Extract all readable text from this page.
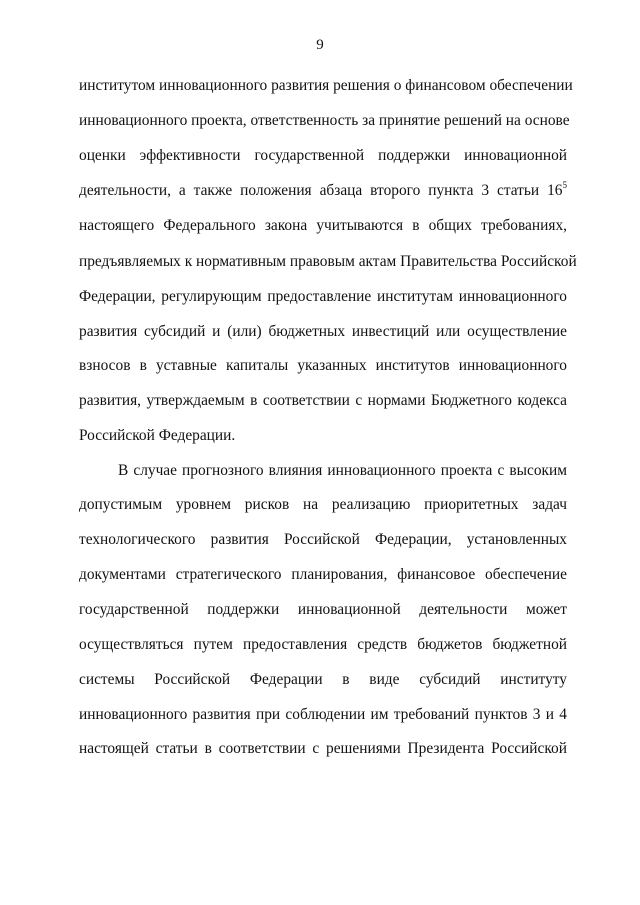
9
институтом инновационного развития решения о финансовом обеспечении
инновационного проекта, ответственность за принятие решений на основе
оценки эффективности государственной поддержки инновационной
деятельности, а также положения абзаца второго пункта 3 статьи $16^5$
настоящего Федерального закона учитываются в общих требованиях,
предъявляемых к нормативным правовым актам Правительства Российской
Федерации, регулирующим предоставление институтам инновационного
развития субсидий и (или) бюджетных инвестиций или осуществление
взносов в уставные капиталы указанных институтов инновационного
развития, утверждаемым в соответствии с нормами Бюджетного кодекса
Российской Федерации.
В случае прогнозного влияния инновационного проекта с высоким
допустимым уровнем рисков на реализацию приоритетных задач
технологического развития Российской Федерации, установленных
документами стратегического планирования, финансовое обеспечение
государственной поддержки инновационной деятельности может
осуществляться путем предоставления средств бюджетов бюджетной
системы Российской Федерации в виде субсидий институту
инновационного развития при соблюдении им требований пунктов 3 и 4
настоящей статьи в соответствии с решениями Президента Российской
